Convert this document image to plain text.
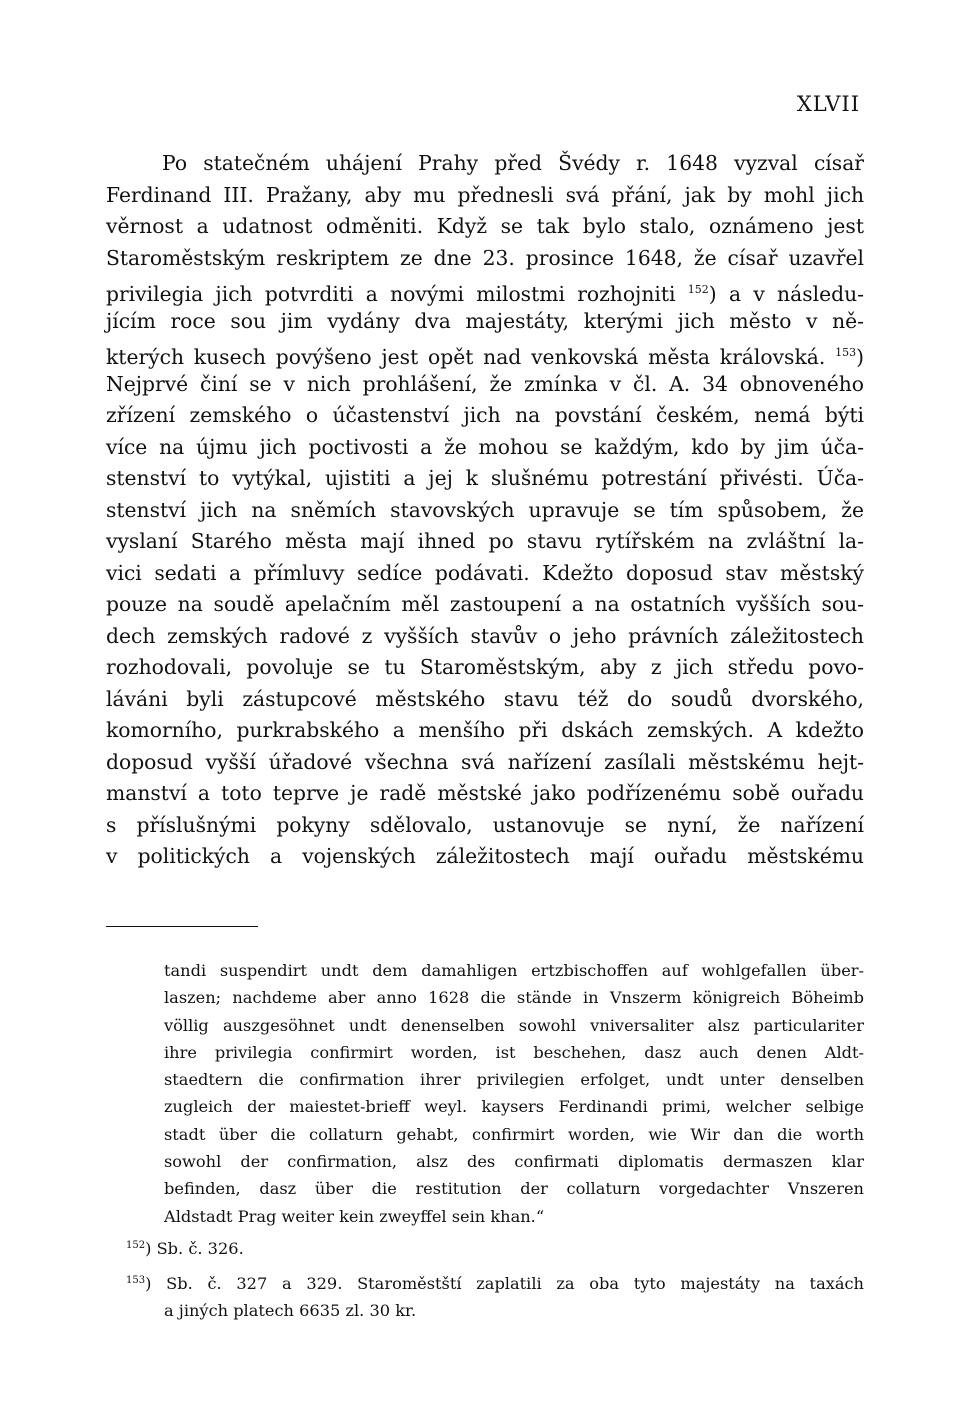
XLVII
Po statečném uhájení Prahy před Švédy r. 1648 vyzval císař
Ferdinand III. Pražany, aby mu přednesli svá přání, jak by mohl jich
věrnost a udatnost odměniti. Když se tak bylo stalo, oznámeno jest
Staroměstským reskriptem ze dne 23. prosince 1648, že císař uzavřel
privilegia jich potvrditi a novými milostmi rozhojniti $^{152}$) a v následu-
jícím roce sou jim vydány dva majestáty, kterými jich město v ně-
kterých kusech povýšeno jest opět nad venkovská města královská. $^{153}$)
Nejprvé činí se v nich prohlášení, že zmínka v čl. A. 34 obnoveného
zřízení zemského o účastenství jich na povstání českém, nemá býti
více na újmu jich poctivosti a že mohou se každým, kdo by jim úča-
stenství to vytýkal, ujistiti a jej k slušnému potrestání přivésti. Úča-
stenství jich na sněmích stavovských upravuje se tím spůsobem, že
vyslaní Starého města mají ihned po stavu rytířském na zvláštní la-
vici sedati a přímluvy sedíce podávati. Kdežto doposud stav městský
pouze na soudě apelačním měl zastoupení a na ostatních vyšších sou-
dech zemských radové z vyšších stavův o jeho právních záležitostech
rozhodovali, povoluje se tu Staroměstským, aby z jich středu povo-
láváni byli zástupcové městského stavu též do soudů dvorského,
komorního, purkrabského a menšího při dskách zemských. A kdežto
doposud vyšší úřadové všechna svá nařízení zasílali městskému hejt-
manství a toto teprve je radě městské jako podřízenému sobě ouřadu
s příslušnými pokyny sdělovalo, ustanovuje se nyní, že nařízení
v politických a vojenských záležitostech mají ouřadu městskému
tandi suspendirt undt dem damahligen ertzbischoffen auf wohlgefallen über-
laszen; nachdeme aber anno 1628 die stände in Vnszerm königreich Böheimb
völlig auszgesöhnet undt denenselben sowohl vniversaliter alsz particulariter
ihre privilegia confirmirt worden, ist beschehen, dasz auch denen Aldt-
staedtern die confirmation ihrer privilegien erfolget, undt unter denselben
zugleich der maiestet-brieff weyl. kaysers Ferdinandi primi, welcher selbige
stadt über die collaturn gehabt, confirmirt worden, wie Wir dan die worth
sowohl der confirmation, alsz des confirmati diplomatis dermaszen klar
befinden, dasz über die restitution der collaturn vorgedachter Vnszeren
Aldstadt Prag weiter kein zweyffel sein khan.“
$^{152}$) Sb. č. 326.
$^{153}$) Sb. č. 327 a 329. Staroměstští zaplatili za oba tyto majestáty na taxách
a jiných platech 6635 zl. 30 kr.
